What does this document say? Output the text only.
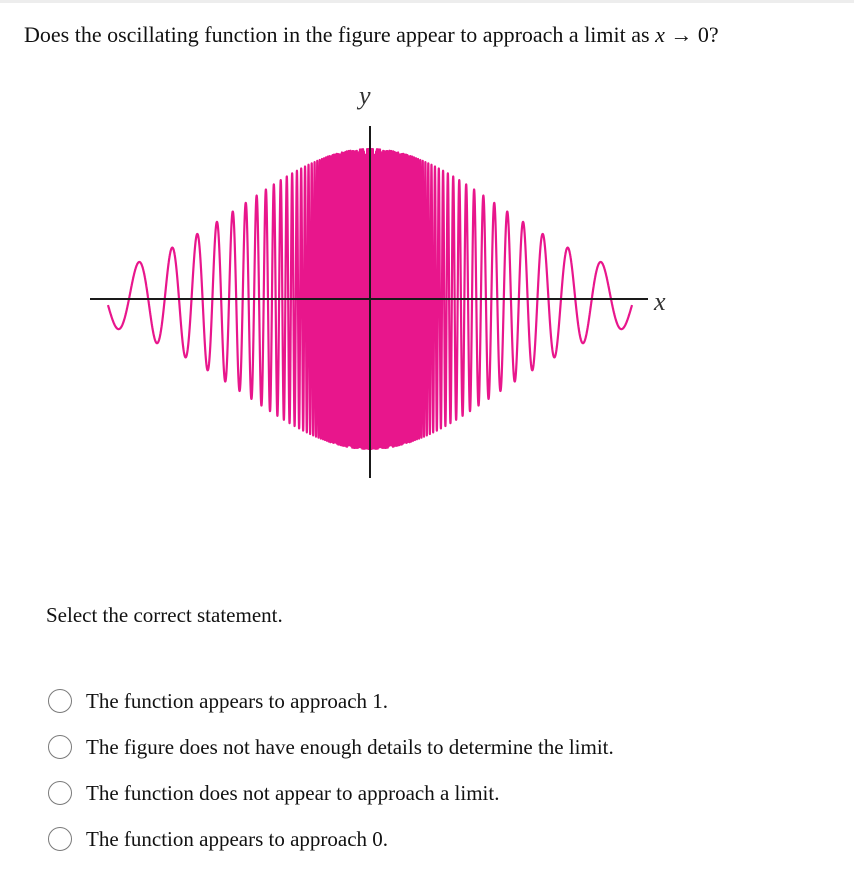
Does the oscillating function in the figure appear to approach a limit as x → 0?
y
x
Select the correct statement.
The function appears to approach 1.
The figure does not have enough details to determine the limit.
The function does not appear to approach a limit.
The function appears to approach 0.
